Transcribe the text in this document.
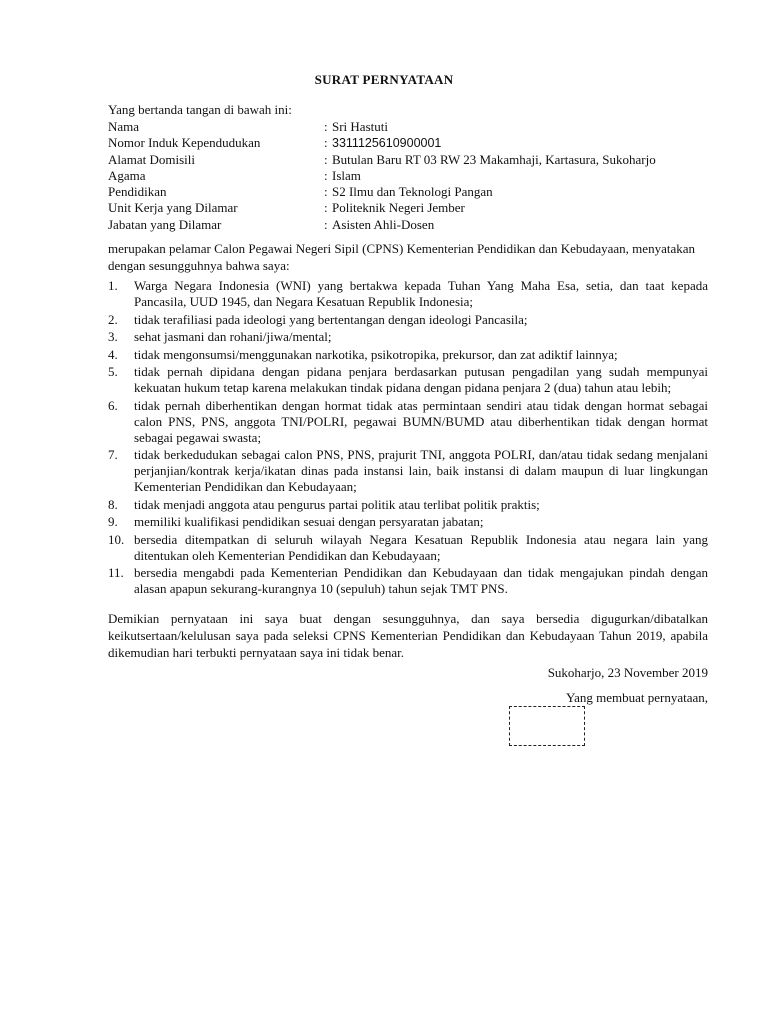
SURAT PERNYATAAN
Yang bertanda tangan di bawah ini:
Nama	: Sri Hastuti
Nomor Induk Kependudukan	: 3311125610900001
Alamat Domisili	: Butulan Baru RT 03 RW 23 Makamhaji, Kartasura, Sukoharjo
Agama	: Islam
Pendidikan	: S2 Ilmu dan Teknologi Pangan
Unit Kerja yang Dilamar	: Politeknik Negeri Jember
Jabatan yang Dilamar	: Asisten Ahli-Dosen
merupakan pelamar Calon Pegawai Negeri Sipil (CPNS) Kementerian Pendidikan dan Kebudayaan, menyatakan dengan sesungguhnya bahwa saya:
1.	Warga Negara Indonesia (WNI) yang bertakwa kepada Tuhan Yang Maha Esa, setia, dan taat kepada Pancasila, UUD 1945, dan Negara Kesatuan Republik Indonesia;
2.	tidak terafiliasi pada ideologi yang bertentangan dengan ideologi Pancasila;
3.	sehat jasmani dan rohani/jiwa/mental;
4.	tidak mengonsumsi/menggunakan narkotika, psikotropika, prekursor, dan zat adiktif lainnya;
5.	tidak pernah dipidana dengan pidana penjara berdasarkan putusan pengadilan yang sudah mempunyai kekuatan hukum tetap karena melakukan tindak pidana dengan pidana penjara 2 (dua) tahun atau lebih;
6.	tidak pernah diberhentikan dengan hormat tidak atas permintaan sendiri atau tidak dengan hormat sebagai calon PNS, PNS, anggota TNI/POLRI, pegawai BUMN/BUMD atau diberhentikan tidak dengan hormat sebagai pegawai swasta;
7.	tidak berkedudukan sebagai calon PNS, PNS, prajurit TNI, anggota POLRI, dan/atau tidak sedang menjalani perjanjian/kontrak kerja/ikatan dinas pada instansi lain, baik instansi di dalam maupun di luar lingkungan Kementerian Pendidikan dan Kebudayaan;
8.	tidak menjadi anggota atau pengurus partai politik atau terlibat politik praktis;
9.	memiliki kualifikasi pendidikan sesuai dengan persyaratan jabatan;
10. bersedia ditempatkan di seluruh wilayah Negara Kesatuan Republik Indonesia atau negara lain yang ditentukan oleh Kementerian Pendidikan dan Kebudayaan;
11. bersedia mengabdi pada Kementerian Pendidikan dan Kebudayaan dan tidak mengajukan pindah dengan alasan apapun sekurang-kurangnya 10 (sepuluh) tahun sejak TMT PNS.
Demikian pernyataan ini saya buat dengan sesungguhnya, dan saya bersedia digugurkan/dibatalkan keikutsertaan/kelulusan saya pada seleksi CPNS Kementerian Pendidikan dan Kebudayaan Tahun 2019, apabila dikemudian hari terbukti pernyataan saya ini tidak benar.
Sukoharjo, 23 November 2019
Yang membuat pernyataan,
